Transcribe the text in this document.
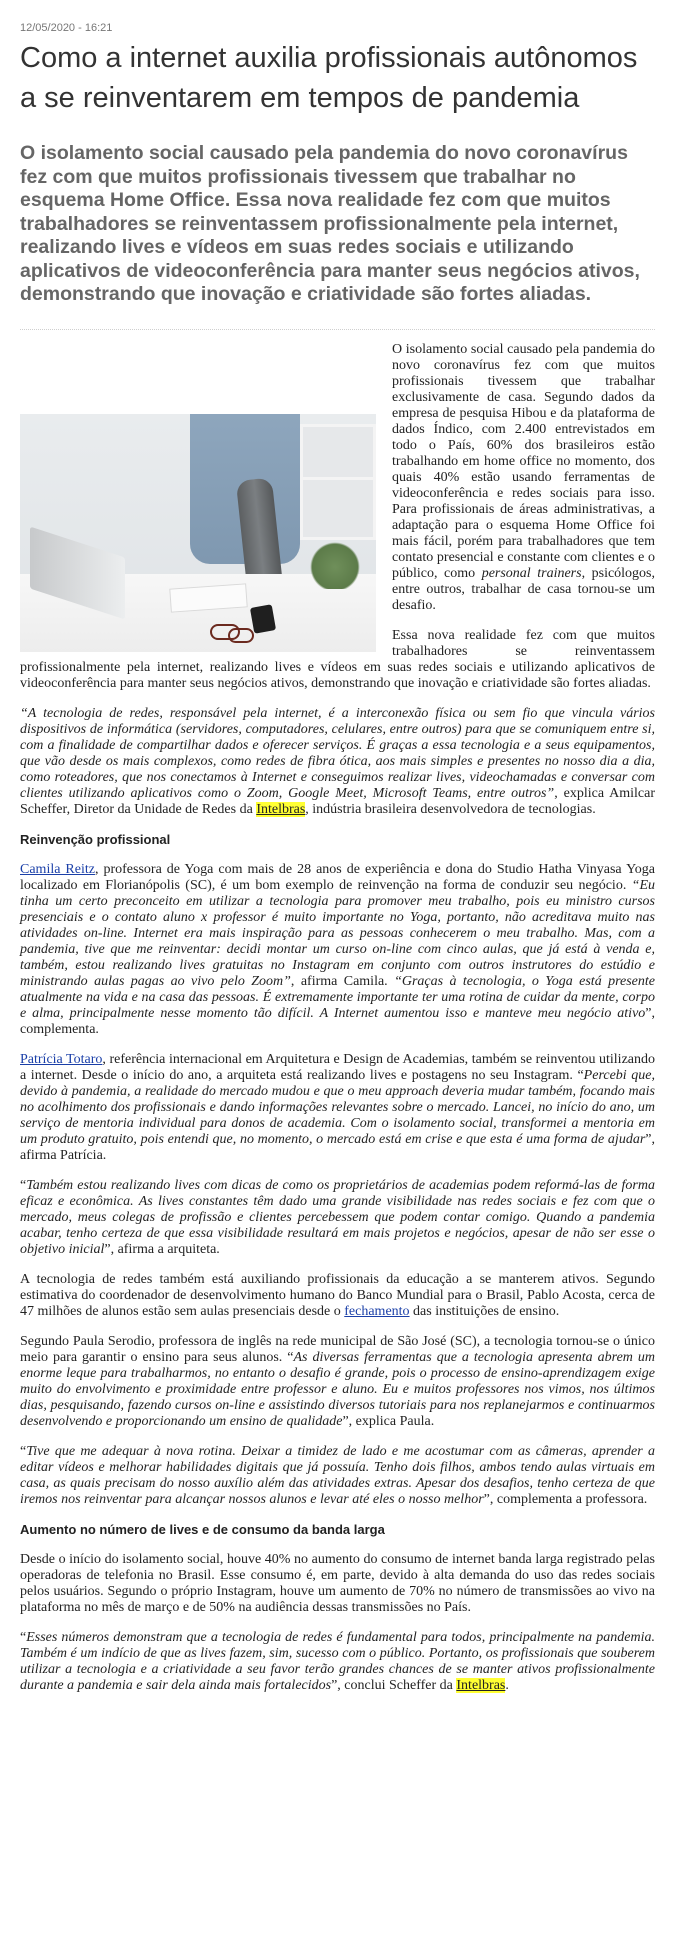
12/05/2020 - 16:21
Como a internet auxilia profissionais autônomos a se reinventarem em tempos de pandemia
O isolamento social causado pela pandemia do novo coronavírus fez com que muitos profissionais tivessem que trabalhar no esquema Home Office. Essa nova realidade fez com que muitos trabalhadores se reinventassem profissionalmente pela internet, realizando lives e vídeos em suas redes sociais e utilizando aplicativos de videoconferência para manter seus negócios ativos, demonstrando que inovação e criatividade são fortes aliadas.

O isolamento social causado pela pandemia do novo coronavírus fez com que muitos profissionais tivessem que trabalhar exclusivamente de casa. Segundo dados da empresa de pesquisa Hibou e da plataforma de dados Índico, com 2.400 entrevistados em todo o País, 60% dos brasileiros estão trabalhando em home office no momento, dos quais 40% estão usando ferramentas de videoconferência e redes sociais para isso. Para profissionais de áreas administrativas, a adaptação para o esquema Home Office foi mais fácil, porém para trabalhadores que tem contato presencial e constante com clientes e o público, como personal trainers, psicólogos, entre outros, trabalhar de casa tornou-se um desafio.

Essa nova realidade fez com que muitos trabalhadores se reinventassem profissionalmente pela internet, realizando lives e vídeos em suas redes sociais e utilizando aplicativos de videoconferência para manter seus negócios ativos, demonstrando que inovação e criatividade são fortes aliadas.

“A tecnologia de redes, responsável pela internet, é a interconexão física ou sem fio que vincula vários dispositivos de informática (servidores, computadores, celulares, entre outros) para que se comuniquem entre si, com a finalidade de compartilhar dados e oferecer serviços. É graças a essa tecnologia e a seus equipamentos, que vão desde os mais complexos, como redes de fibra ótica, aos mais simples e presentes no nosso dia a dia, como roteadores, que nos conectamos à Internet e conseguimos realizar lives, videochamadas e conversar com clientes utilizando aplicativos como o Zoom, Google Meet, Microsoft Teams, entre outros”, explica Amilcar Scheffer, Diretor da Unidade de Redes da Intelbras, indústria brasileira desenvolvedora de tecnologias.

Reinvenção profissional

Camila Reitz, professora de Yoga com mais de 28 anos de experiência e dona do Studio Hatha Vinyasa Yoga localizado em Florianópolis (SC), é um bom exemplo de reinvenção na forma de conduzir seu negócio. “Eu tinha um certo preconceito em utilizar a tecnologia para promover meu trabalho, pois eu ministro cursos presenciais e o contato aluno x professor é muito importante no Yoga, portanto, não acreditava muito nas atividades on-line. Internet era mais inspiração para as pessoas conhecerem o meu trabalho. Mas, com a pandemia, tive que me reinventar: decidi montar um curso on-line com cinco aulas, que já está à venda e, também, estou realizando lives gratuitas no Instagram em conjunto com outros instrutores do estúdio e ministrando aulas pagas ao vivo pelo Zoom”, afirma Camila. “Graças à tecnologia, o Yoga está presente atualmente na vida e na casa das pessoas. É extremamente importante ter uma rotina de cuidar da mente, corpo e alma, principalmente nesse momento tão difícil. A Internet aumentou isso e manteve meu negócio ativo”, complementa.

Patrícia Totaro, referência internacional em Arquitetura e Design de Academias, também se reinventou utilizando a internet. Desde o início do ano, a arquiteta está realizando lives e postagens no seu Instagram. “Percebi que, devido à pandemia, a realidade do mercado mudou e que o meu approach deveria mudar também, focando mais no acolhimento dos profissionais e dando informações relevantes sobre o mercado. Lancei, no início do ano, um serviço de mentoria individual para donos de academia. Com o isolamento social, transformei a mentoria em um produto gratuito, pois entendi que, no momento, o mercado está em crise e que esta é uma forma de ajudar”, afirma Patrícia.

“Também estou realizando lives com dicas de como os proprietários de academias podem reformá-las de forma eficaz e econômica. As lives constantes têm dado uma grande visibilidade nas redes sociais e fez com que o mercado, meus colegas de profissão e clientes percebessem que podem contar comigo. Quando a pandemia acabar, tenho certeza de que essa visibilidade resultará em mais projetos e negócios, apesar de não ser esse o objetivo inicial”, afirma a arquiteta.

A tecnologia de redes também está auxiliando profissionais da educação a se manterem ativos. Segundo estimativa do coordenador de desenvolvimento humano do Banco Mundial para o Brasil, Pablo Acosta, cerca de 47 milhões de alunos estão sem aulas presenciais desde o fechamento das instituições de ensino.

Segundo Paula Serodio, professora de inglês na rede municipal de São José (SC), a tecnologia tornou-se o único meio para garantir o ensino para seus alunos. “As diversas ferramentas que a tecnologia apresenta abrem um enorme leque para trabalharmos, no entanto o desafio é grande, pois o processo de ensino-aprendizagem exige muito do envolvimento e proximidade entre professor e aluno. Eu e muitos professores nos vimos, nos últimos dias, pesquisando, fazendo cursos on-line e assistindo diversos tutoriais para nos replanejarmos e continuarmos desenvolvendo e proporcionando um ensino de qualidade”, explica Paula.

“Tive que me adequar à nova rotina. Deixar a timidez de lado e me acostumar com as câmeras, aprender a editar vídeos e melhorar habilidades digitais que já possuía. Tenho dois filhos, ambos tendo aulas virtuais em casa, as quais precisam do nosso auxílio além das atividades extras. Apesar dos desafios, tenho certeza de que iremos nos reinventar para alcançar nossos alunos e levar até eles o nosso melhor”, complementa a professora.

Aumento no número de lives e de consumo da banda larga

Desde o início do isolamento social, houve 40% no aumento do consumo de internet banda larga registrado pelas operadoras de telefonia no Brasil. Esse consumo é, em parte, devido à alta demanda do uso das redes sociais pelos usuários. Segundo o próprio Instagram, houve um aumento de 70% no número de transmissões ao vivo na plataforma no mês de março e de 50% na audiência dessas transmissões no País.

“Esses números demonstram que a tecnologia de redes é fundamental para todos, principalmente na pandemia. Também é um indício de que as lives fazem, sim, sucesso com o público. Portanto, os profissionais que souberem utilizar a tecnologia e a criatividade a seu favor terão grandes chances de se manter ativos profissionalmente durante a pandemia e sair dela ainda mais fortalecidos”, conclui Scheffer da Intelbras.
